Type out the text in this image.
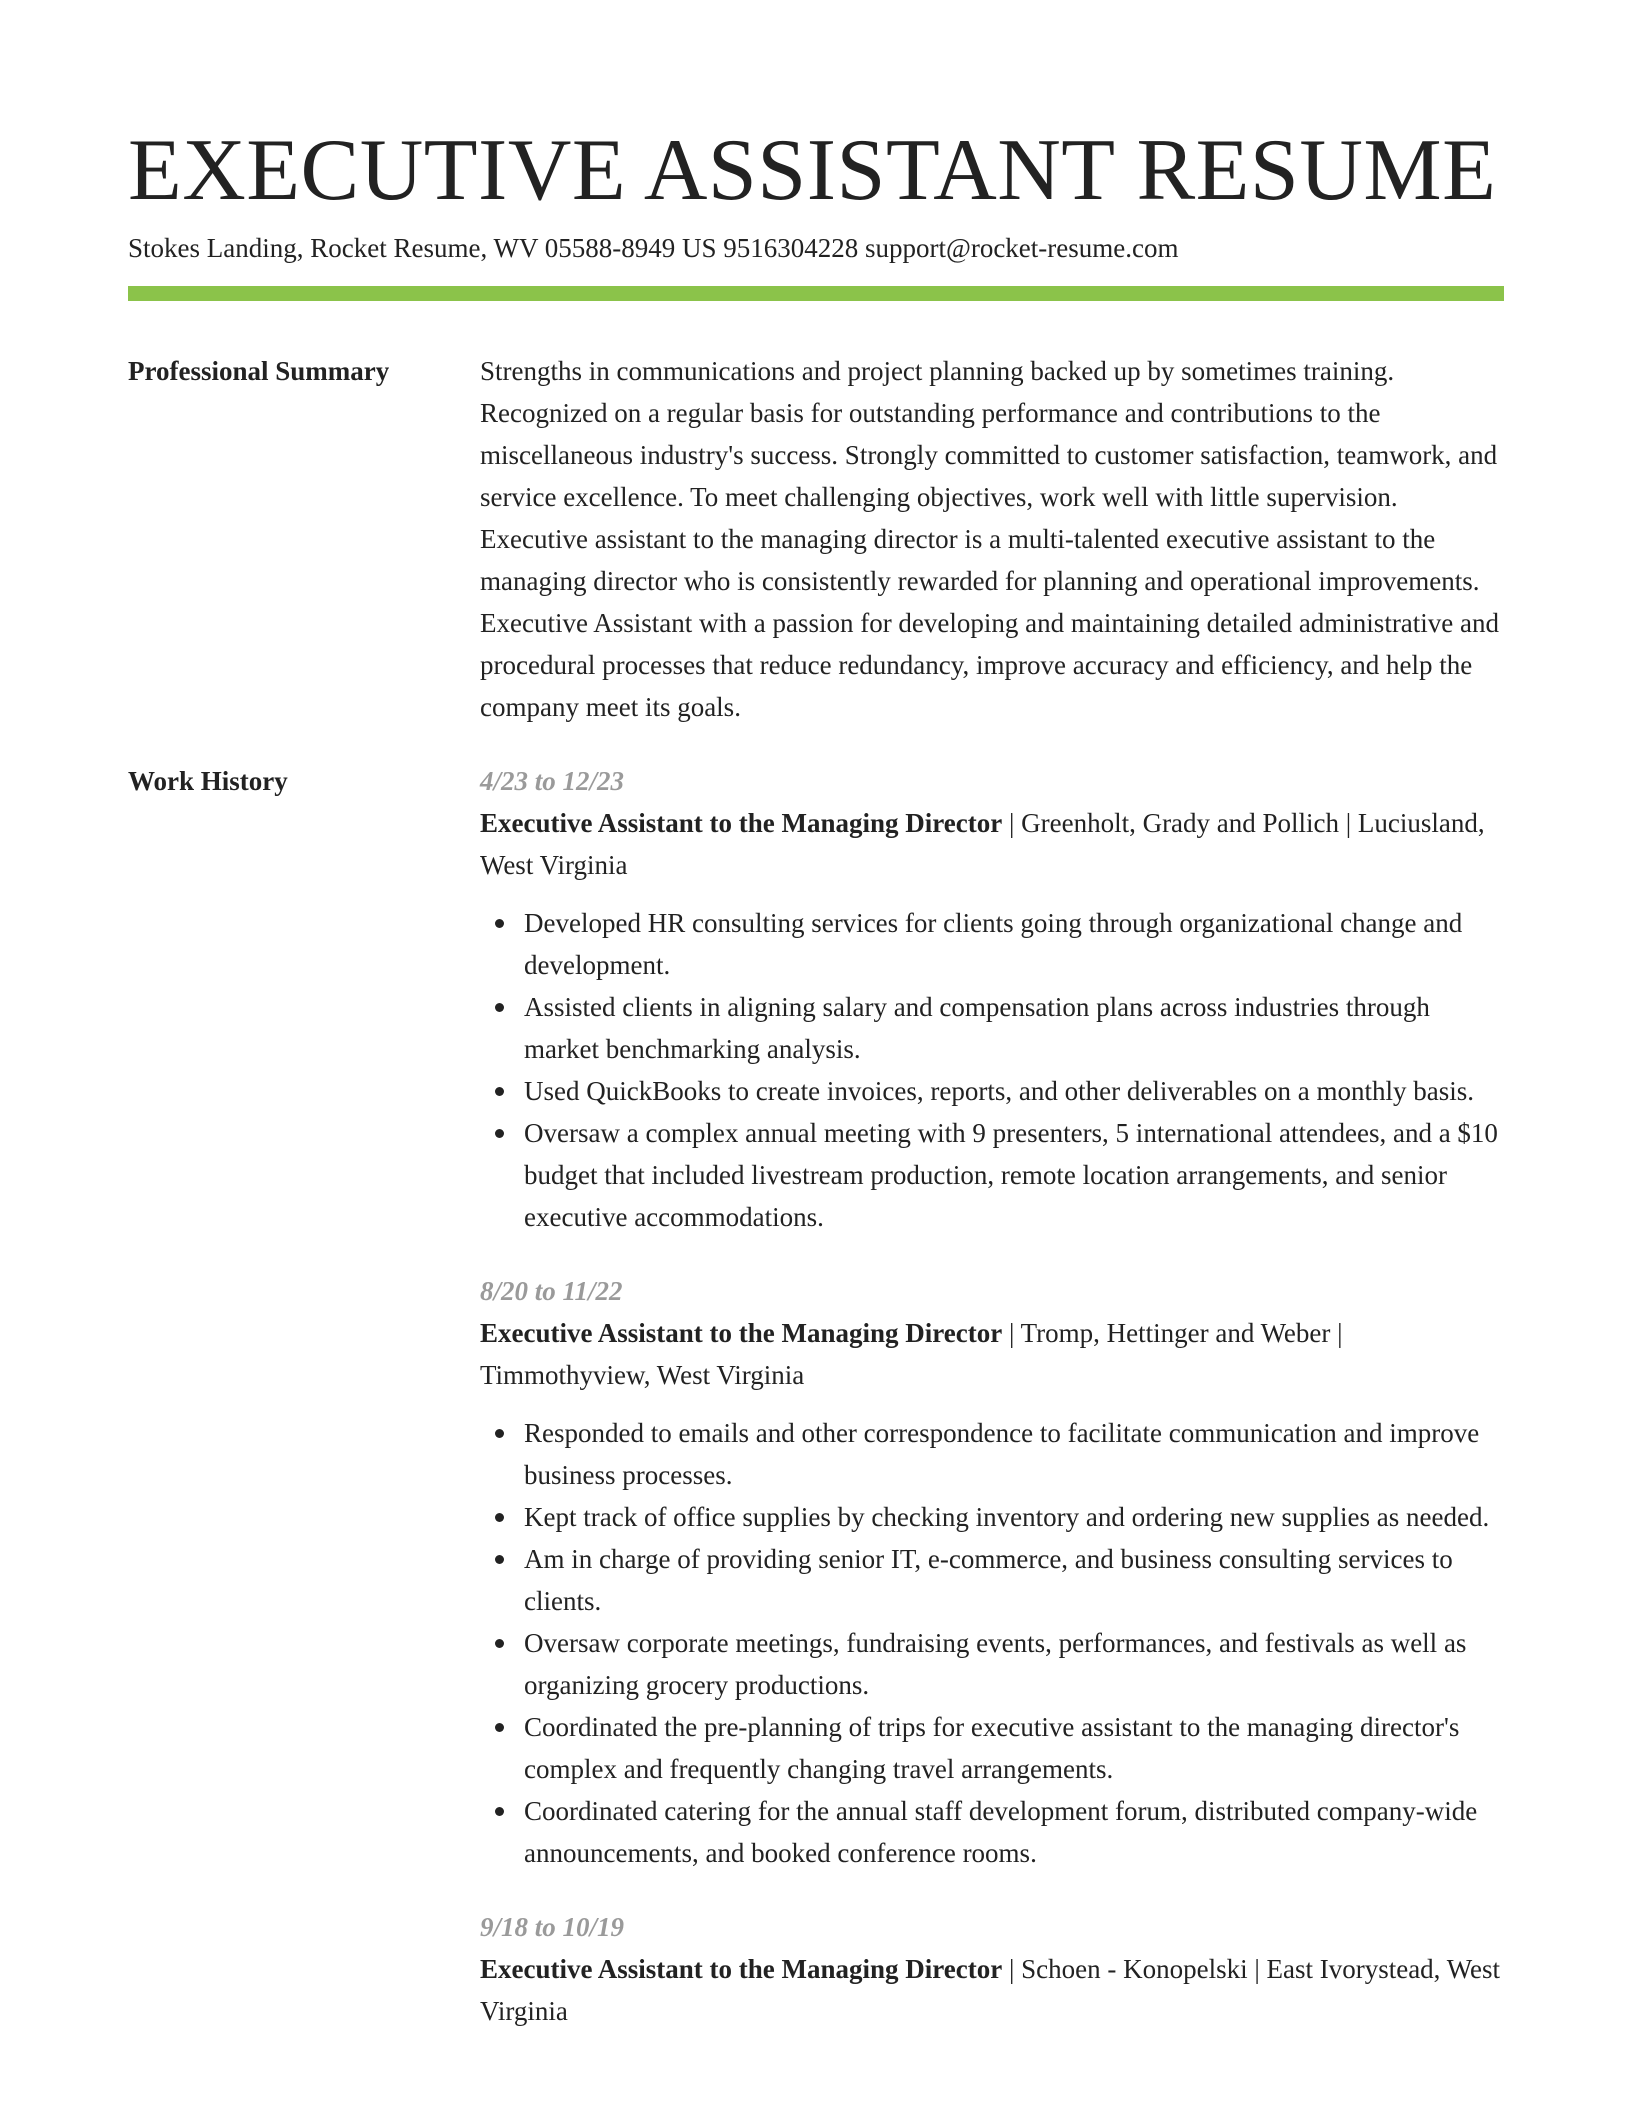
EXECUTIVE ASSISTANT RESUME
Stokes Landing, Rocket Resume, WV 05588-8949 US 9516304228 support@rocket-resume.com
Professional Summary	Strengths in communications and project planning backed up by sometimes training. Recognized on a regular basis for outstanding performance and contributions to the miscellaneous industry's success. Strongly committed to customer satisfaction, teamwork, and service excellence. To meet challenging objectives, work well with little supervision. Executive assistant to the managing director is a multi-talented executive assistant to the managing director who is consistently rewarded for planning and operational improvements. Executive Assistant with a passion for developing and maintaining detailed administrative and procedural processes that reduce redundancy, improve accuracy and efficiency, and help the company meet its goals.

Work History	4/23 to 12/23
Executive Assistant to the Managing Director | Greenholt, Grady and Pollich | Luciusland, West Virginia
Developed HR consulting services for clients going through organizational change and development.
Assisted clients in aligning salary and compensation plans across industries through market benchmarking analysis.
Used QuickBooks to create invoices, reports, and other deliverables on a monthly basis.
Oversaw a complex annual meeting with 9 presenters, 5 international attendees, and a $10 budget that included livestream production, remote location arrangements, and senior executive accommodations.
8/20 to 11/22
Executive Assistant to the Managing Director | Tromp, Hettinger and Weber | Timmothyview, West Virginia
Responded to emails and other correspondence to facilitate communication and improve business processes.
Kept track of office supplies by checking inventory and ordering new supplies as needed.
Am in charge of providing senior IT, e-commerce, and business consulting services to clients.
Oversaw corporate meetings, fundraising events, performances, and festivals as well as organizing grocery productions.
Coordinated the pre-planning of trips for executive assistant to the managing director's complex and frequently changing travel arrangements.
Coordinated catering for the annual staff development forum, distributed company-wide announcements, and booked conference rooms.
9/18 to 10/19
Executive Assistant to the Managing Director | Schoen - Konopelski | East Ivorystead, West Virginia
